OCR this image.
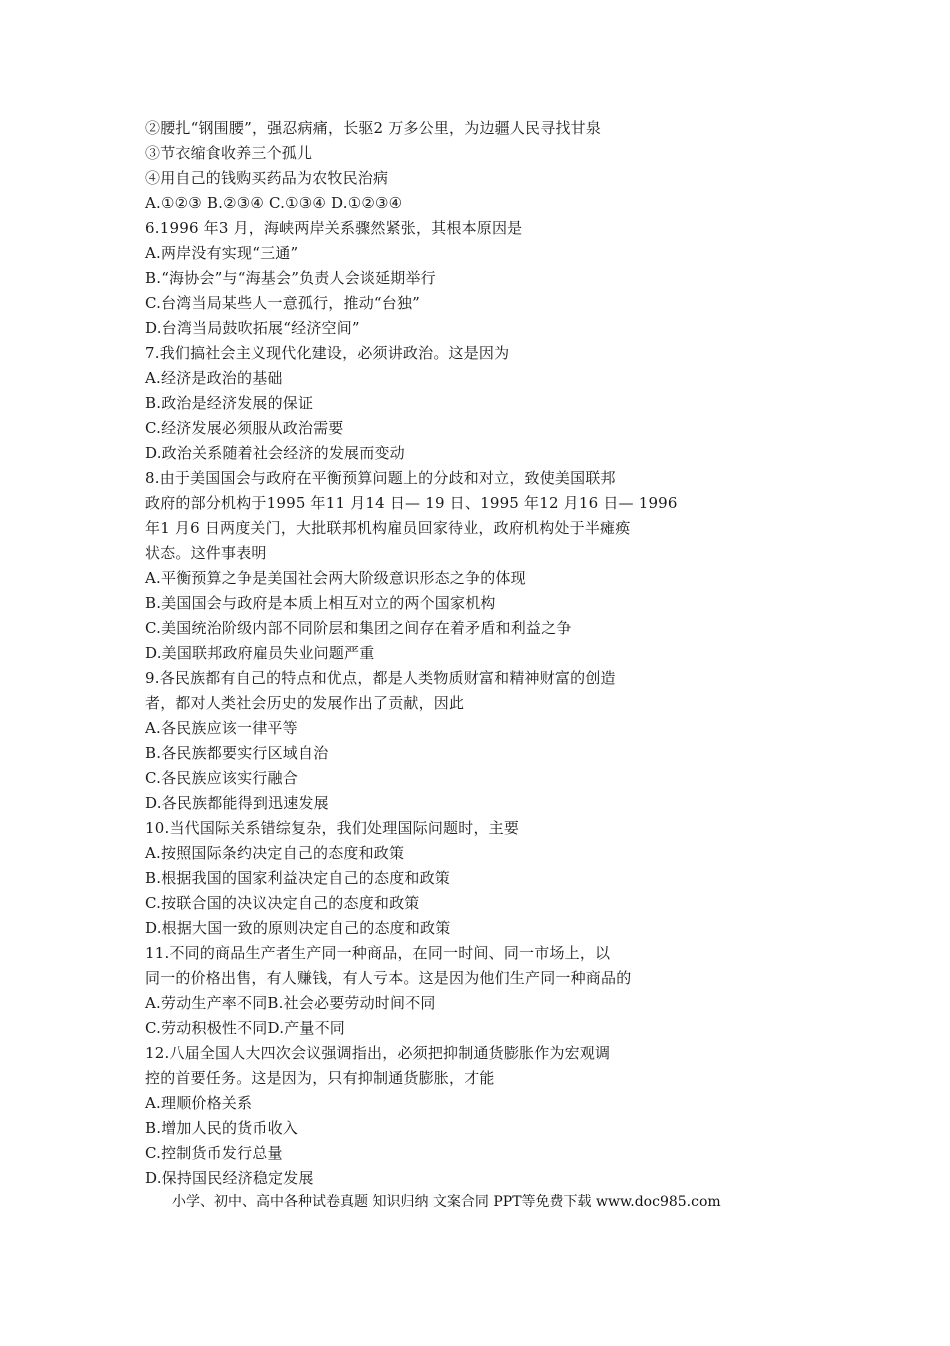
②腰扎“钢围腰”，强忍病痛，长驱2 万多公里，为边疆人民寻找甘泉
③节衣缩食收养三个孤儿
④用自己的钱购买药品为农牧民治病
A.①②③ B.②③④ C.①③④ D.①②③④
6.1996 年3 月，海峡两岸关系骤然紧张，其根本原因是
A.两岸没有实现“三通”
B.“海协会”与“海基会”负责人会谈延期举行
C.台湾当局某些人一意孤行，推动“台独”
D.台湾当局鼓吹拓展“经济空间”
7.我们搞社会主义现代化建设，必须讲政治。这是因为
A.经济是政治的基础
B.政治是经济发展的保证
C.经济发展必须服从政治需要
D.政治关系随着社会经济的发展而变动
8.由于美国国会与政府在平衡预算问题上的分歧和对立，致使美国联邦
政府的部分机构于1995 年11 月14 日— 19 日、1995 年12 月16 日— 1996
年1 月6 日两度关门，大批联邦机构雇员回家待业，政府机构处于半瘫痪
状态。这件事表明
A.平衡预算之争是美国社会两大阶级意识形态之争的体现
B.美国国会与政府是本质上相互对立的两个国家机构
C.美国统治阶级内部不同阶层和集团之间存在着矛盾和利益之争
D.美国联邦政府雇员失业问题严重
9.各民族都有自己的特点和优点，都是人类物质财富和精神财富的创造
者，都对人类社会历史的发展作出了贡献，因此
A.各民族应该一律平等
B.各民族都要实行区域自治
C.各民族应该实行融合
D.各民族都能得到迅速发展
10.当代国际关系错综复杂，我们处理国际问题时，主要
A.按照国际条约决定自己的态度和政策
B.根据我国的国家利益决定自己的态度和政策
C.按联合国的决议决定自己的态度和政策
D.根据大国一致的原则决定自己的态度和政策
11.不同的商品生产者生产同一种商品，在同一时间、同一市场上，以
同一的价格出售，有人赚钱，有人亏本。这是因为他们生产同一种商品的
A.劳动生产率不同B.社会必要劳动时间不同
C.劳动积极性不同D.产量不同
12.八届全国人大四次会议强调指出，必须把抑制通货膨胀作为宏观调
控的首要任务。这是因为，只有抑制通货膨胀，才能
A.理顺价格关系
B.增加人民的货币收入
C.控制货币发行总量
D.保持国民经济稳定发展
小学、初中、高中各种试卷真题 知识归纳 文案合同 PPT等免费下载 www.doc985.com
